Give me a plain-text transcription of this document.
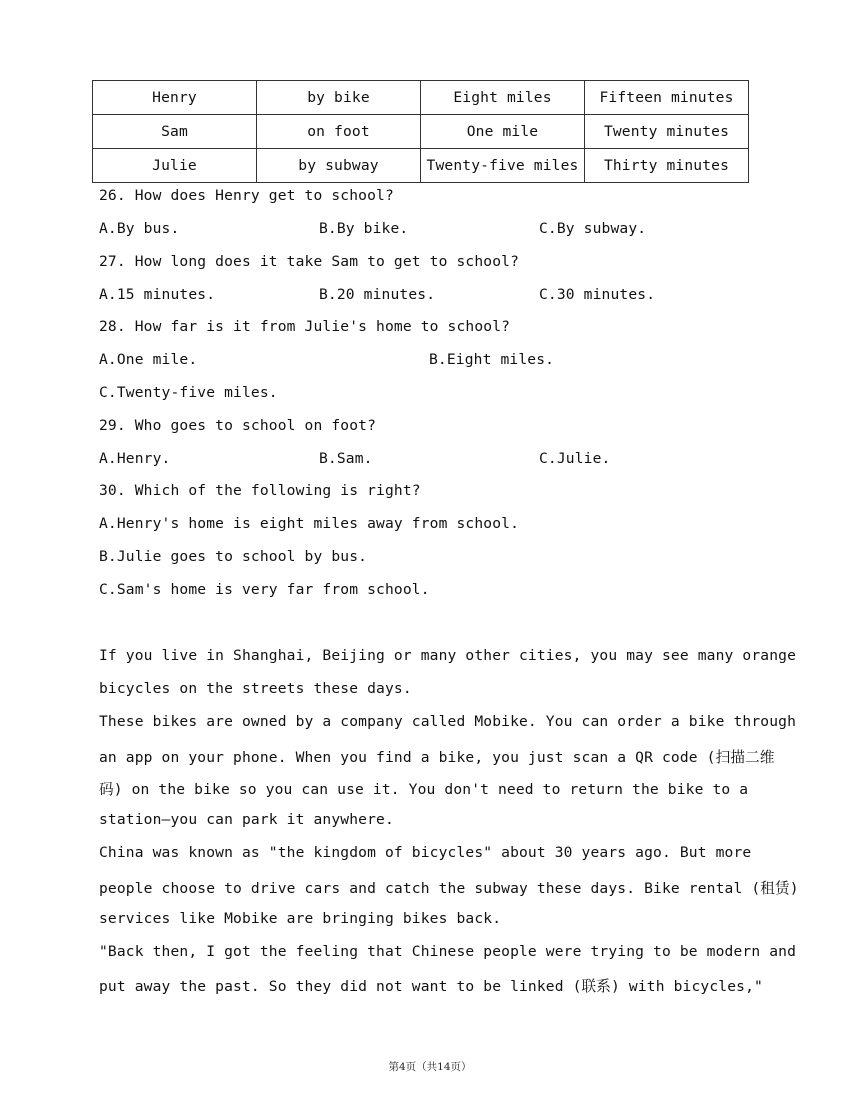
Henry	by bike	Eight miles	Fifteen minutes
Sam	on foot	One mile	Twenty minutes
Julie	by subway	Twenty-five miles	Thirty minutes
26. How does Henry get to school?
A.By bus.	B.By bike.	C.By subway.
27. How long does it take Sam to get to school?
A.15 minutes.	B.20 minutes.	C.30 minutes.
28. How far is it from Julie's home to school?
A.One mile.	B.Eight miles.
C.Twenty-five miles.
29. Who goes to school on foot?
A.Henry.	B.Sam.	C.Julie.
30. Which of the following is right?
A.Henry's home is eight miles away from school.
B.Julie goes to school by bus.
C.Sam's home is very far from school.
If you live in Shanghai, Beijing or many other cities, you may see many orange
bicycles on the streets these days.
These bikes are owned by a company called Mobike. You can order a bike through
an app on your phone. When you find a bike, you just scan a QR code (扫描二维
码) on the bike so you can use it. You don't need to return the bike to a
station—you can park it anywhere.
China was known as "the kingdom of bicycles" about 30 years ago. But more
people choose to drive cars and catch the subway these days. Bike rental (租赁)
services like Mobike are bringing bikes back.
"Back then, I got the feeling that Chinese people were trying to be modern and
put away the past. So they did not want to be linked (联系) with bicycles,"
第4页（共14页）
